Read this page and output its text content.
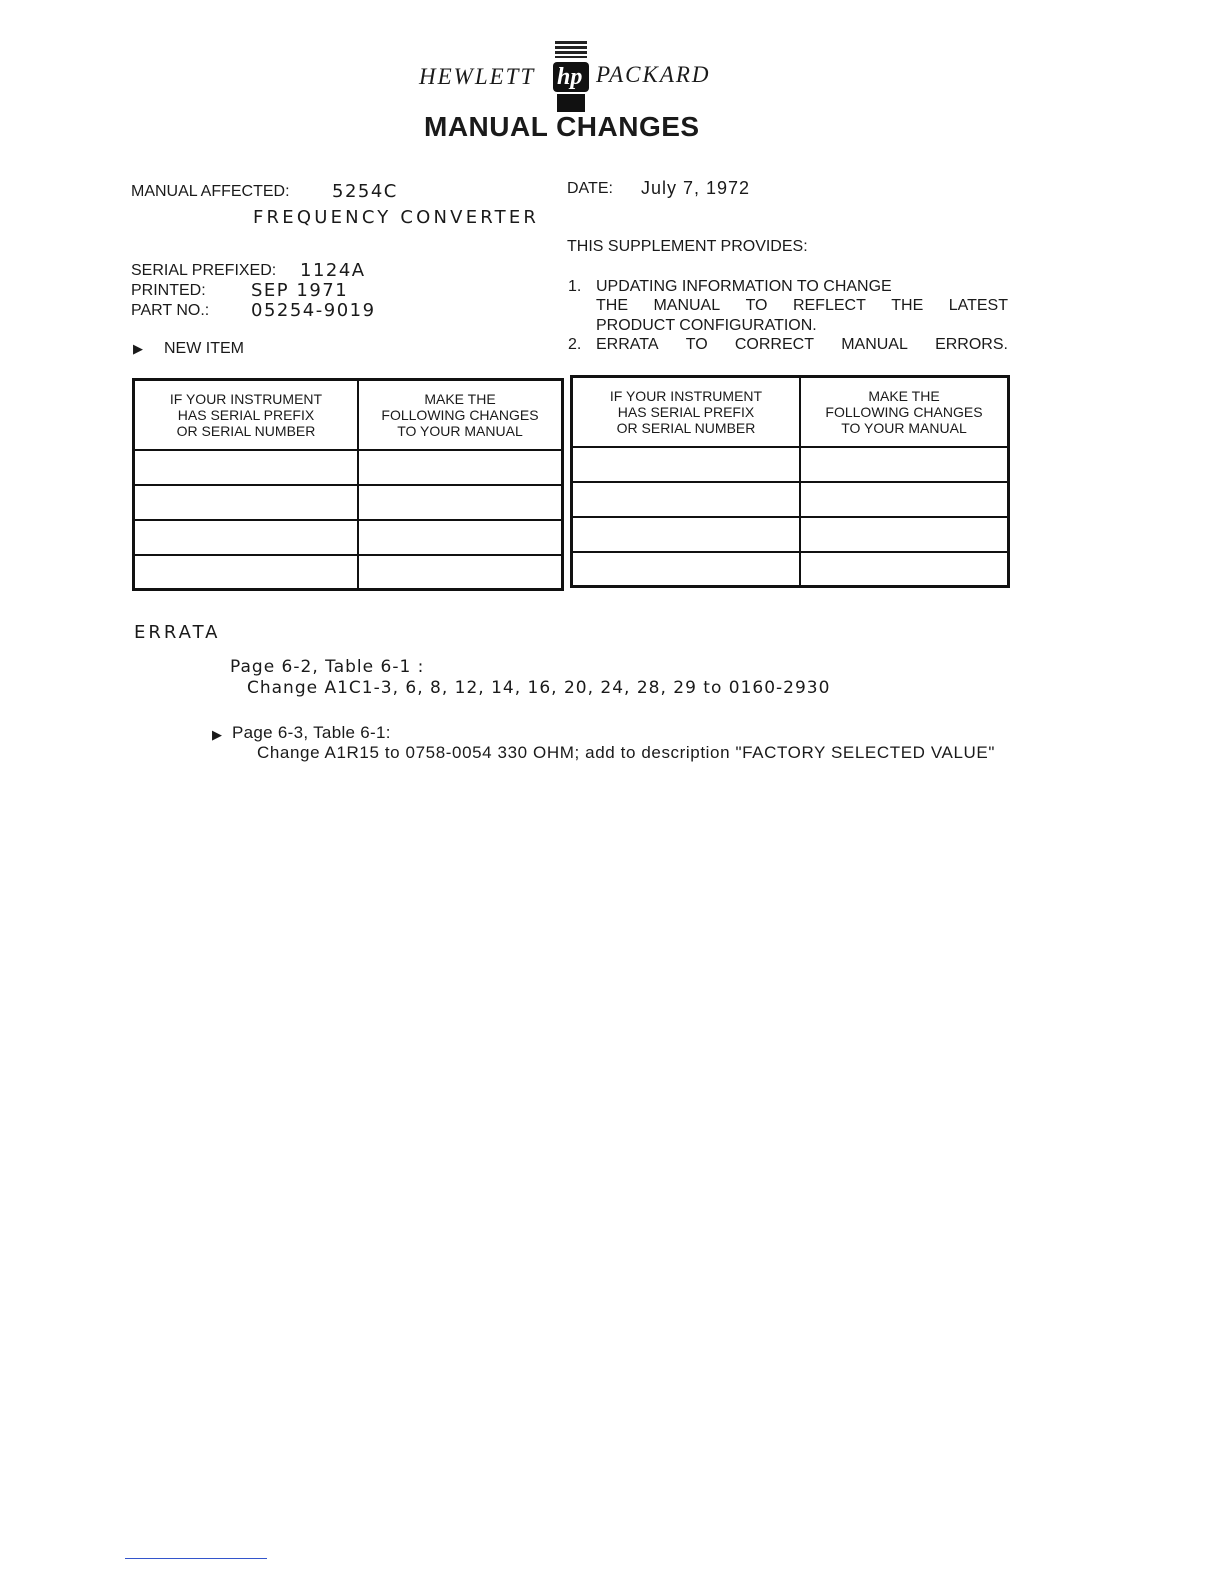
HEWLETT hp PACKARD
MANUAL CHANGES
MANUAL AFFECTED: 5254C
FREQUENCY CONVERTER
SERIAL PREFIXED: 1124A
PRINTED:	SEP 1971
PART NO.: 05254-9019
▶ NEW ITEM
DATE: July 7, 1972
THIS SUPPLEMENT PROVIDES:
1. UPDATING INFORMATION TO CHANGE
THE MANUAL TO REFLECT THE LATEST
PRODUCT CONFIGURATION.
2. ERRATA TO CORRECT MANUAL ERRORS.
IF YOUR INSTRUMENT
HAS SERIAL PREFIX
OR SERIAL NUMBER	MAKE THE
FOLLOWING CHANGES
TO YOUR MANUAL

IF YOUR INSTRUMENT
HAS SERIAL PREFIX
OR SERIAL NUMBER	MAKE THE
FOLLOWING CHANGES
TO YOUR MANUAL

ERRATA
Page 6-2, Table 6-1 :
Change A1C1-3, 6, 8, 12, 14, 16, 20, 24, 28, 29 to 0160-2930
▶ Page 6-3, Table 6-1:
Change A1R15 to 0758-0054 330 OHM; add to description "FACTORY SELECTED VALUE"
